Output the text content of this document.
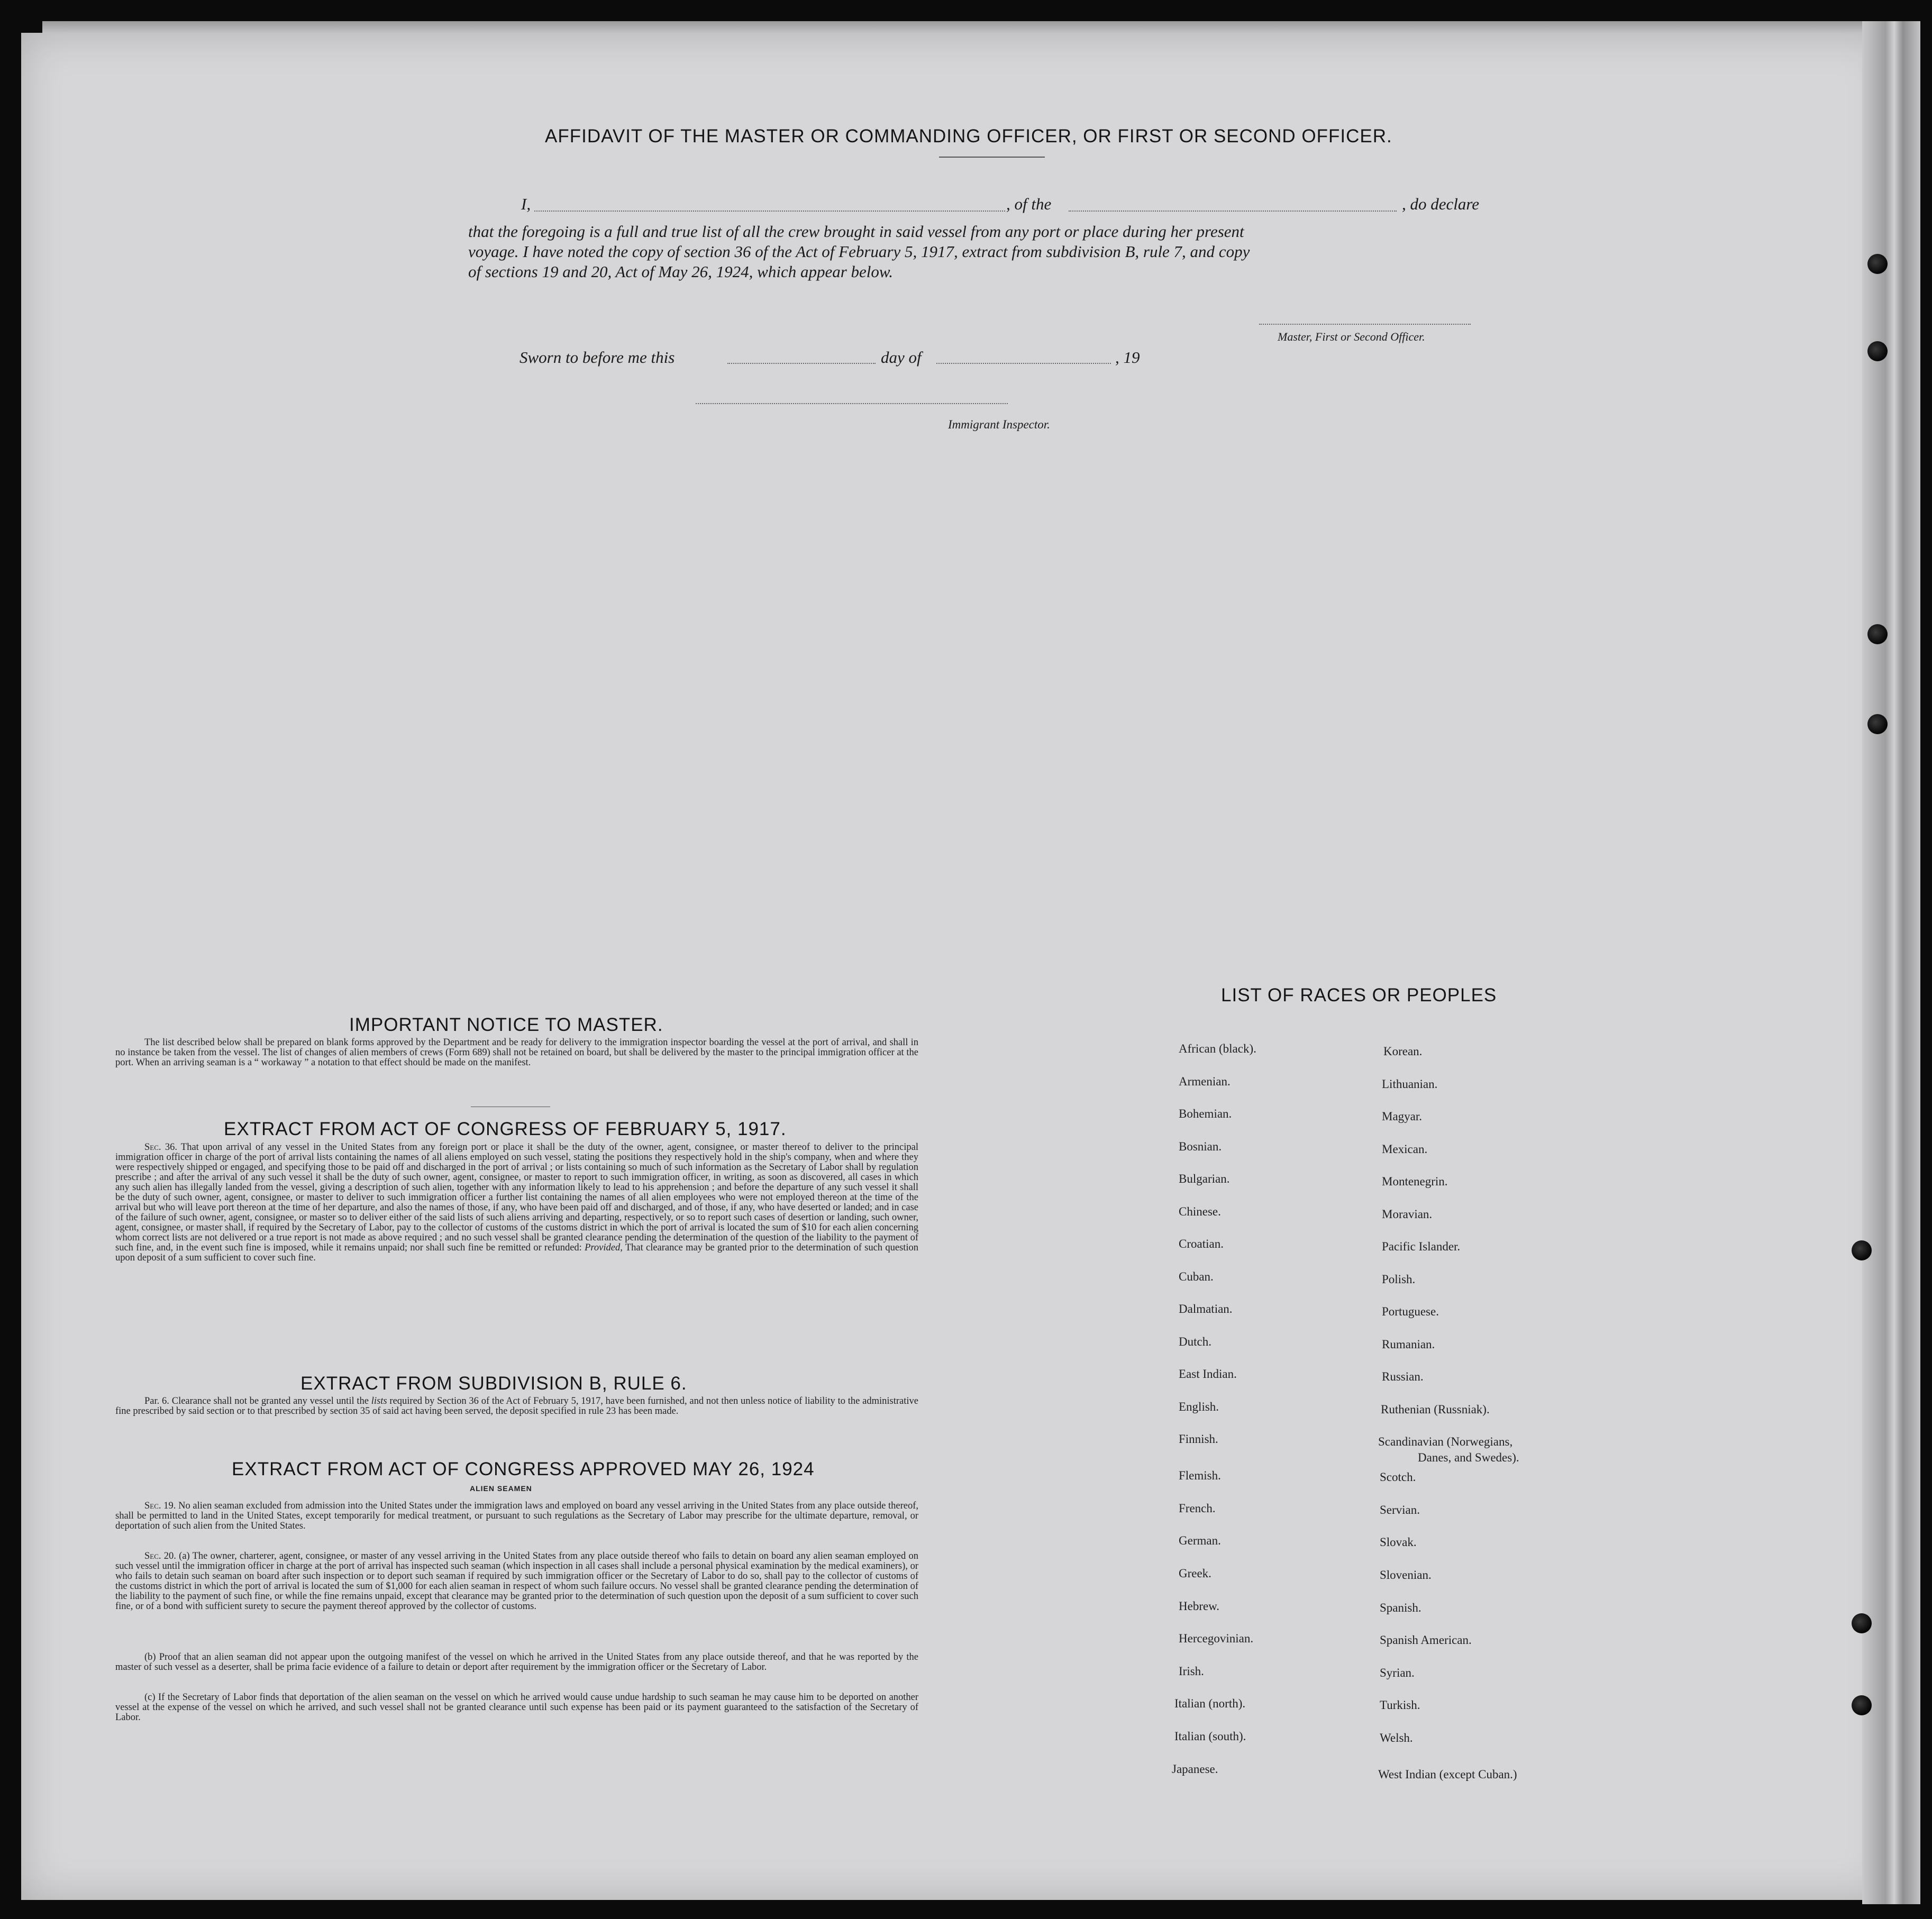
AFFIDAVIT OF THE MASTER OR COMMANDING OFFICER, OR FIRST OR SECOND OFFICER.
I,	, of the	, do declare
that the foregoing is a full and true list of all the crew brought in said vessel from any port or place during her present
voyage. I have noted the copy of section 36 of the Act of February 5, 1917, extract from subdivision B, rule 7, and copy
of sections 19 and 20, Act of May 26, 1924, which appear below.
Master, First or Second Officer.
Sworn to before me this	day of	, 19
Immigrant Inspector.
IMPORTANT NOTICE TO MASTER.

The list described below shall be prepared on blank forms approved by the Department and be ready for delivery to the immigration inspector boarding the vessel at the port of arrival, and shall in no instance be taken from the vessel. The list of changes of alien members of crews (Form 689) shall not be retained on board, but shall be delivered by the master to the principal immigration officer at the port. When an arriving seaman is a “ workaway ” a notation to that effect should be made on the manifest.

EXTRACT FROM ACT OF CONGRESS OF FEBRUARY 5, 1917.

Sec. 36. That upon arrival of any vessel in the United States from any foreign port or place it shall be the duty of the owner, agent, consignee, or master thereof to deliver to the principal immigration officer in charge of the port of arrival lists containing the names of all aliens employed on such vessel, stating the positions they respectively hold in the ship's company, when and where they were respectively shipped or engaged, and specifying those to be paid off and discharged in the port of arrival ; or lists containing so much of such information as the Secretary of Labor shall by regulation prescribe ; and after the arrival of any such vessel it shall be the duty of such owner, agent, consignee, or master to report to such immigration officer, in writing, as soon as discovered, all cases in which any such alien has illegally landed from the vessel, giving a description of such alien, together with any information likely to lead to his apprehension ; and before the departure of any such vessel it shall be the duty of such owner, agent, consignee, or master to deliver to such immigration officer a further list containing the names of all alien employees who were not employed thereon at the time of the arrival but who will leave port thereon at the time of her departure, and also the names of those, if any, who have been paid off and discharged, and of those, if any, who have deserted or landed; and in case of the failure of such owner, agent, consignee, or master so to deliver either of the said lists of such aliens arriving and departing, respectively, or so to report such cases of desertion or landing, such owner, agent, consignee, or master shall, if required by the Secretary of Labor, pay to the collector of customs of the customs district in which the port of arrival is located the sum of $10 for each alien concerning whom correct lists are not delivered or a true report is not made as above required ; and no such vessel shall be granted clearance pending the determination of the question of the liability to the payment of such fine, and, in the event such fine is imposed, while it remains unpaid; nor shall such fine be remitted or refunded: Provided, That clearance may be granted prior to the determination of such question upon deposit of a sum sufficient to cover such fine.

EXTRACT FROM SUBDIVISION B, RULE 6.

Par. 6. Clearance shall not be granted any vessel until the lists required by Section 36 of the Act of February 5, 1917, have been furnished, and not then unless notice of liability to the administrative fine prescribed by said section or to that prescribed by section 35 of said act having been served, the deposit specified in rule 23 has been made.

EXTRACT FROM ACT OF CONGRESS APPROVED MAY 26, 1924
ALIEN SEAMEN

Sec. 19. No alien seaman excluded from admission into the United States under the immigration laws and employed on board any vessel arriving in the United States from any place outside thereof, shall be permitted to land in the United States, except temporarily for medical treatment, or pursuant to such regulations as the Secretary of Labor may prescribe for the ultimate departure, removal, or deportation of such alien from the United States.

Sec. 20. (a) The owner, charterer, agent, consignee, or master of any vessel arriving in the United States from any place outside thereof who fails to detain on board any alien seaman employed on such vessel until the immigration officer in charge at the port of arrival has inspected such seaman (which inspection in all cases shall include a personal physical examination by the medical examiners), or who fails to detain such seaman on board after such inspection or to deport such seaman if required by such immigration officer or the Secretary of Labor to do so, shall pay to the collector of customs of the customs district in which the port of arrival is located the sum of $1,000 for each alien seaman in respect of whom such failure occurs. No vessel shall be granted clearance pending the determination of the liability to the payment of such fine, or while the fine remains unpaid, except that clearance may be granted prior to the determination of such question upon the deposit of a sum sufficient to cover such fine, or of a bond with sufficient surety to secure the payment thereof approved by the collector of customs.

(b) Proof that an alien seaman did not appear upon the outgoing manifest of the vessel on which he arrived in the United States from any place outside thereof, and that he was reported by the master of such vessel as a deserter, shall be prima facie evidence of a failure to detain or deport after requirement by the immigration officer or the Secretary of Labor.

(c) If the Secretary of Labor finds that deportation of the alien seaman on the vessel on which he arrived would cause undue hardship to such seaman he may cause him to be deported on another vessel at the expense of the vessel on which he arrived, and such vessel shall not be granted clearance until such expense has been paid or its payment guaranteed to the satisfaction of the Secretary of Labor.

LIST OF RACES OR PEOPLES
African (black).
Armenian.
Bohemian.
Bosnian.
Bulgarian.
Chinese.
Croatian.
Cuban.
Dalmatian.
Dutch.
East Indian.
English.
Finnish.
Flemish.
French.
German.
Greek.
Hebrew.
Hercegovinian.
Irish.
Italian (north).
Italian (south).
Japanese.
Korean.
Lithuanian.
Magyar.
Mexican.
Montenegrin.
Moravian.
Pacific Islander.
Polish.
Portuguese.
Rumanian.
Russian.
Ruthenian (Russniak).
Scandinavian (Norwegians,
Danes, and Swedes).
Scotch.
Servian.
Slovak.
Slovenian.
Spanish.
Spanish American.
Syrian.
Turkish.
Welsh.
West Indian (except Cuban.)
